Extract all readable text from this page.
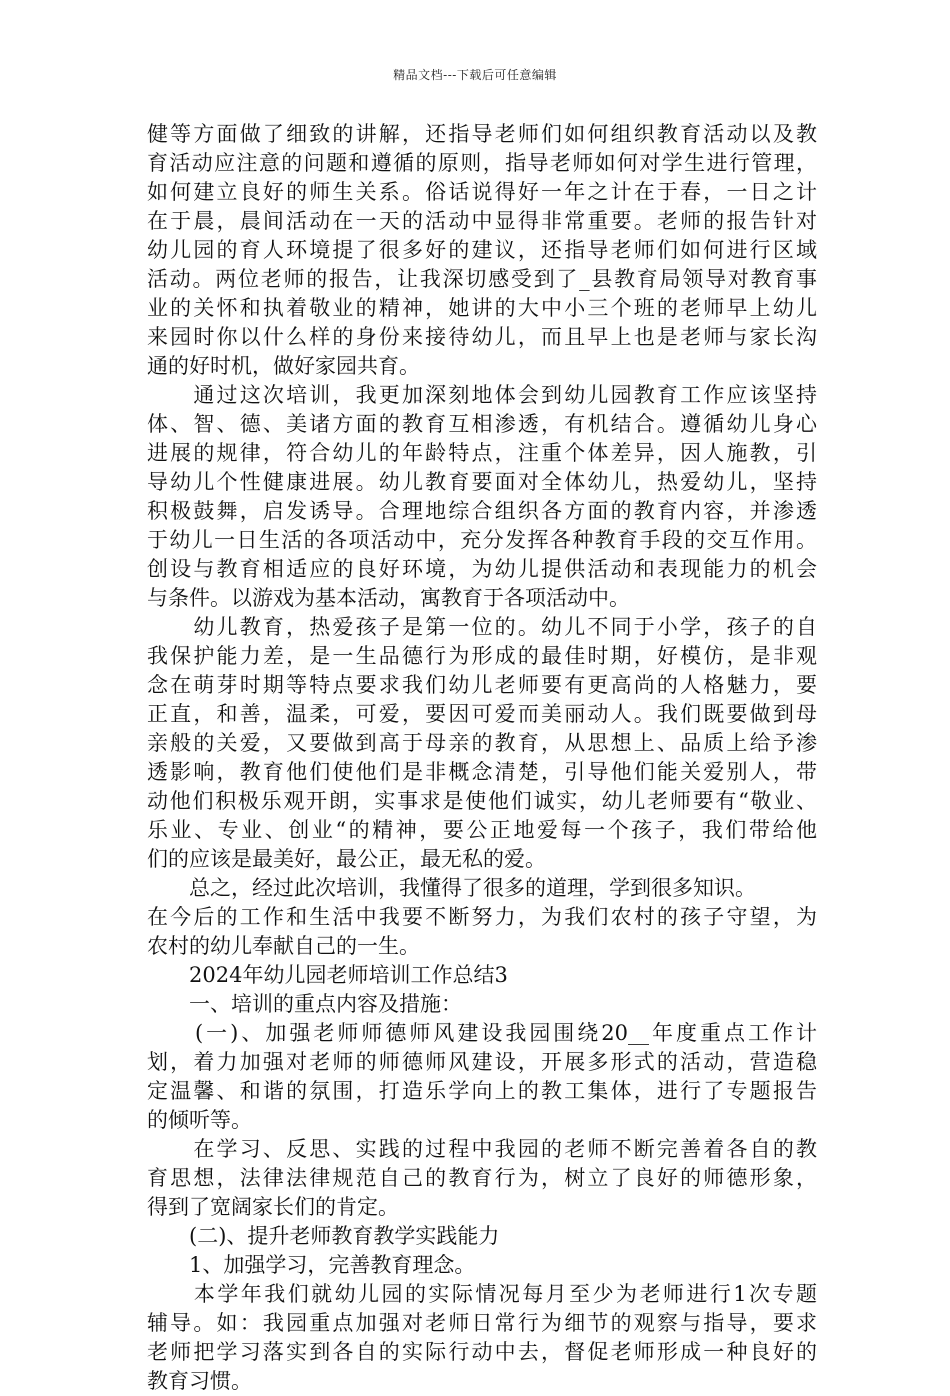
精品文档---下载后可任意编辑
健等方面做了细致的讲解，还指导老师们如何组织教育活动以及教
育活动应注意的问题和遵循的原则，指导老师如何对学生进行管理，
如何建立良好的师生关系。俗话说得好一年之计在于春，一日之计
在于晨，晨间活动在一天的活动中显得非常重要。老师的报告针对
幼儿园的育人环境提了很多好的建议，还指导老师们如何进行区域
活动。两位老师的报告，让我深切感受到了_县教育局领导对教育事
业的关怀和执着敬业的精神，她讲的大中小三个班的老师早上幼儿
来园时你以什么样的身份来接待幼儿，而且早上也是老师与家长沟
通的好时机，做好家园共育。
　　通过这次培训，我更加深刻地体会到幼儿园教育工作应该坚持
体、智、德、美诸方面的教育互相渗透，有机结合。遵循幼儿身心
进展的规律，符合幼儿的年龄特点，注重个体差异，因人施教，引
导幼儿个性健康进展。幼儿教育要面对全体幼儿，热爱幼儿，坚持
积极鼓舞，启发诱导。合理地综合组织各方面的教育内容，并渗透
于幼儿一日生活的各项活动中，充分发挥各种教育手段的交互作用。
创设与教育相适应的良好环境，为幼儿提供活动和表现能力的机会
与条件。以游戏为基本活动，寓教育于各项活动中。
　　幼儿教育，热爱孩子是第一位的。幼儿不同于小学，孩子的自
我保护能力差，是一生品德行为形成的最佳时期，好模仿，是非观
念在萌芽时期等特点要求我们幼儿老师要有更高尚的人格魅力，要
正直，和善，温柔，可爱，要因可爱而美丽动人。我们既要做到母
亲般的关爱，又要做到高于母亲的教育，从思想上、品质上给予渗
透影响，教育他们使他们是非概念清楚，引导他们能关爱别人，带
动他们积极乐观开朗，实事求是使他们诚实，幼儿老师要有“敬业、
乐业、专业、创业“的精神，要公正地爱每一个孩子，我们带给他
们的应该是最美好，最公正，最无私的爱。
　　总之，经过此次培训，我懂得了很多的道理，学到很多知识。
在今后的工作和生活中我要不断努力，为我们农村的孩子守望，为
农村的幼儿奉献自己的一生。
　　2024年幼儿园老师培训工作总结3
　　一、培训的重点内容及措施：
　　(一)、加强老师师德师风建设我园围绕20__年度重点工作计
划，着力加强对老师的师德师风建设，开展多形式的活动，营造稳
定温馨、和谐的氛围，打造乐学向上的教工集体，进行了专题报告
的倾听等。
　　在学习、反思、实践的过程中我园的老师不断完善着各自的教
育思想，法律法律规范自己的教育行为，树立了良好的师德形象，
得到了宽阔家长们的肯定。
　　(二)、提升老师教育教学实践能力
　　1、加强学习，完善教育理念。
　　本学年我们就幼儿园的实际情况每月至少为老师进行1次专题
辅导。如：我园重点加强对老师日常行为细节的观察与指导，要求
老师把学习落实到各自的实际行动中去，督促老师形成一种良好的
教育习惯。
